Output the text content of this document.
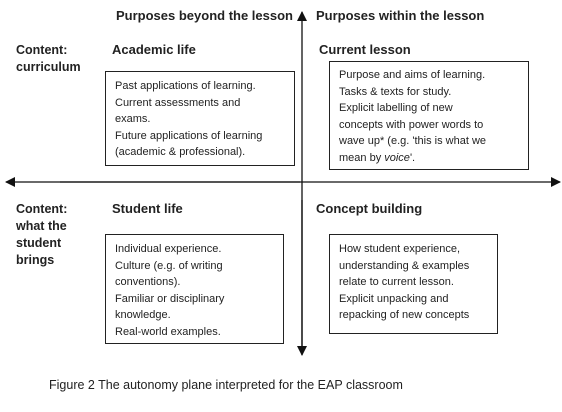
Purposes beyond the lesson Purposes within the lesson
Content:
curriculum
Content:
what the
student
brings
Academic life	Current lesson
Student life	Concept building

Past applications of learning.

Current assessments and

exams.

Future applications of learning

(academic & professional).

Purpose and aims of learning.

Tasks & texts for study.

Explicit labelling of new

concepts with power words to

wave up* (e.g. 'this is what we

mean by voice'.

Individual experience.

Culture (e.g. of writing

conventions).

Familiar or disciplinary

knowledge.

Real-world examples.

How student experience,

understanding & examples

relate to current lesson.

Explicit unpacking and

repacking of new concepts

Figure 2 The autonomy plane interpreted for the EAP classroom
